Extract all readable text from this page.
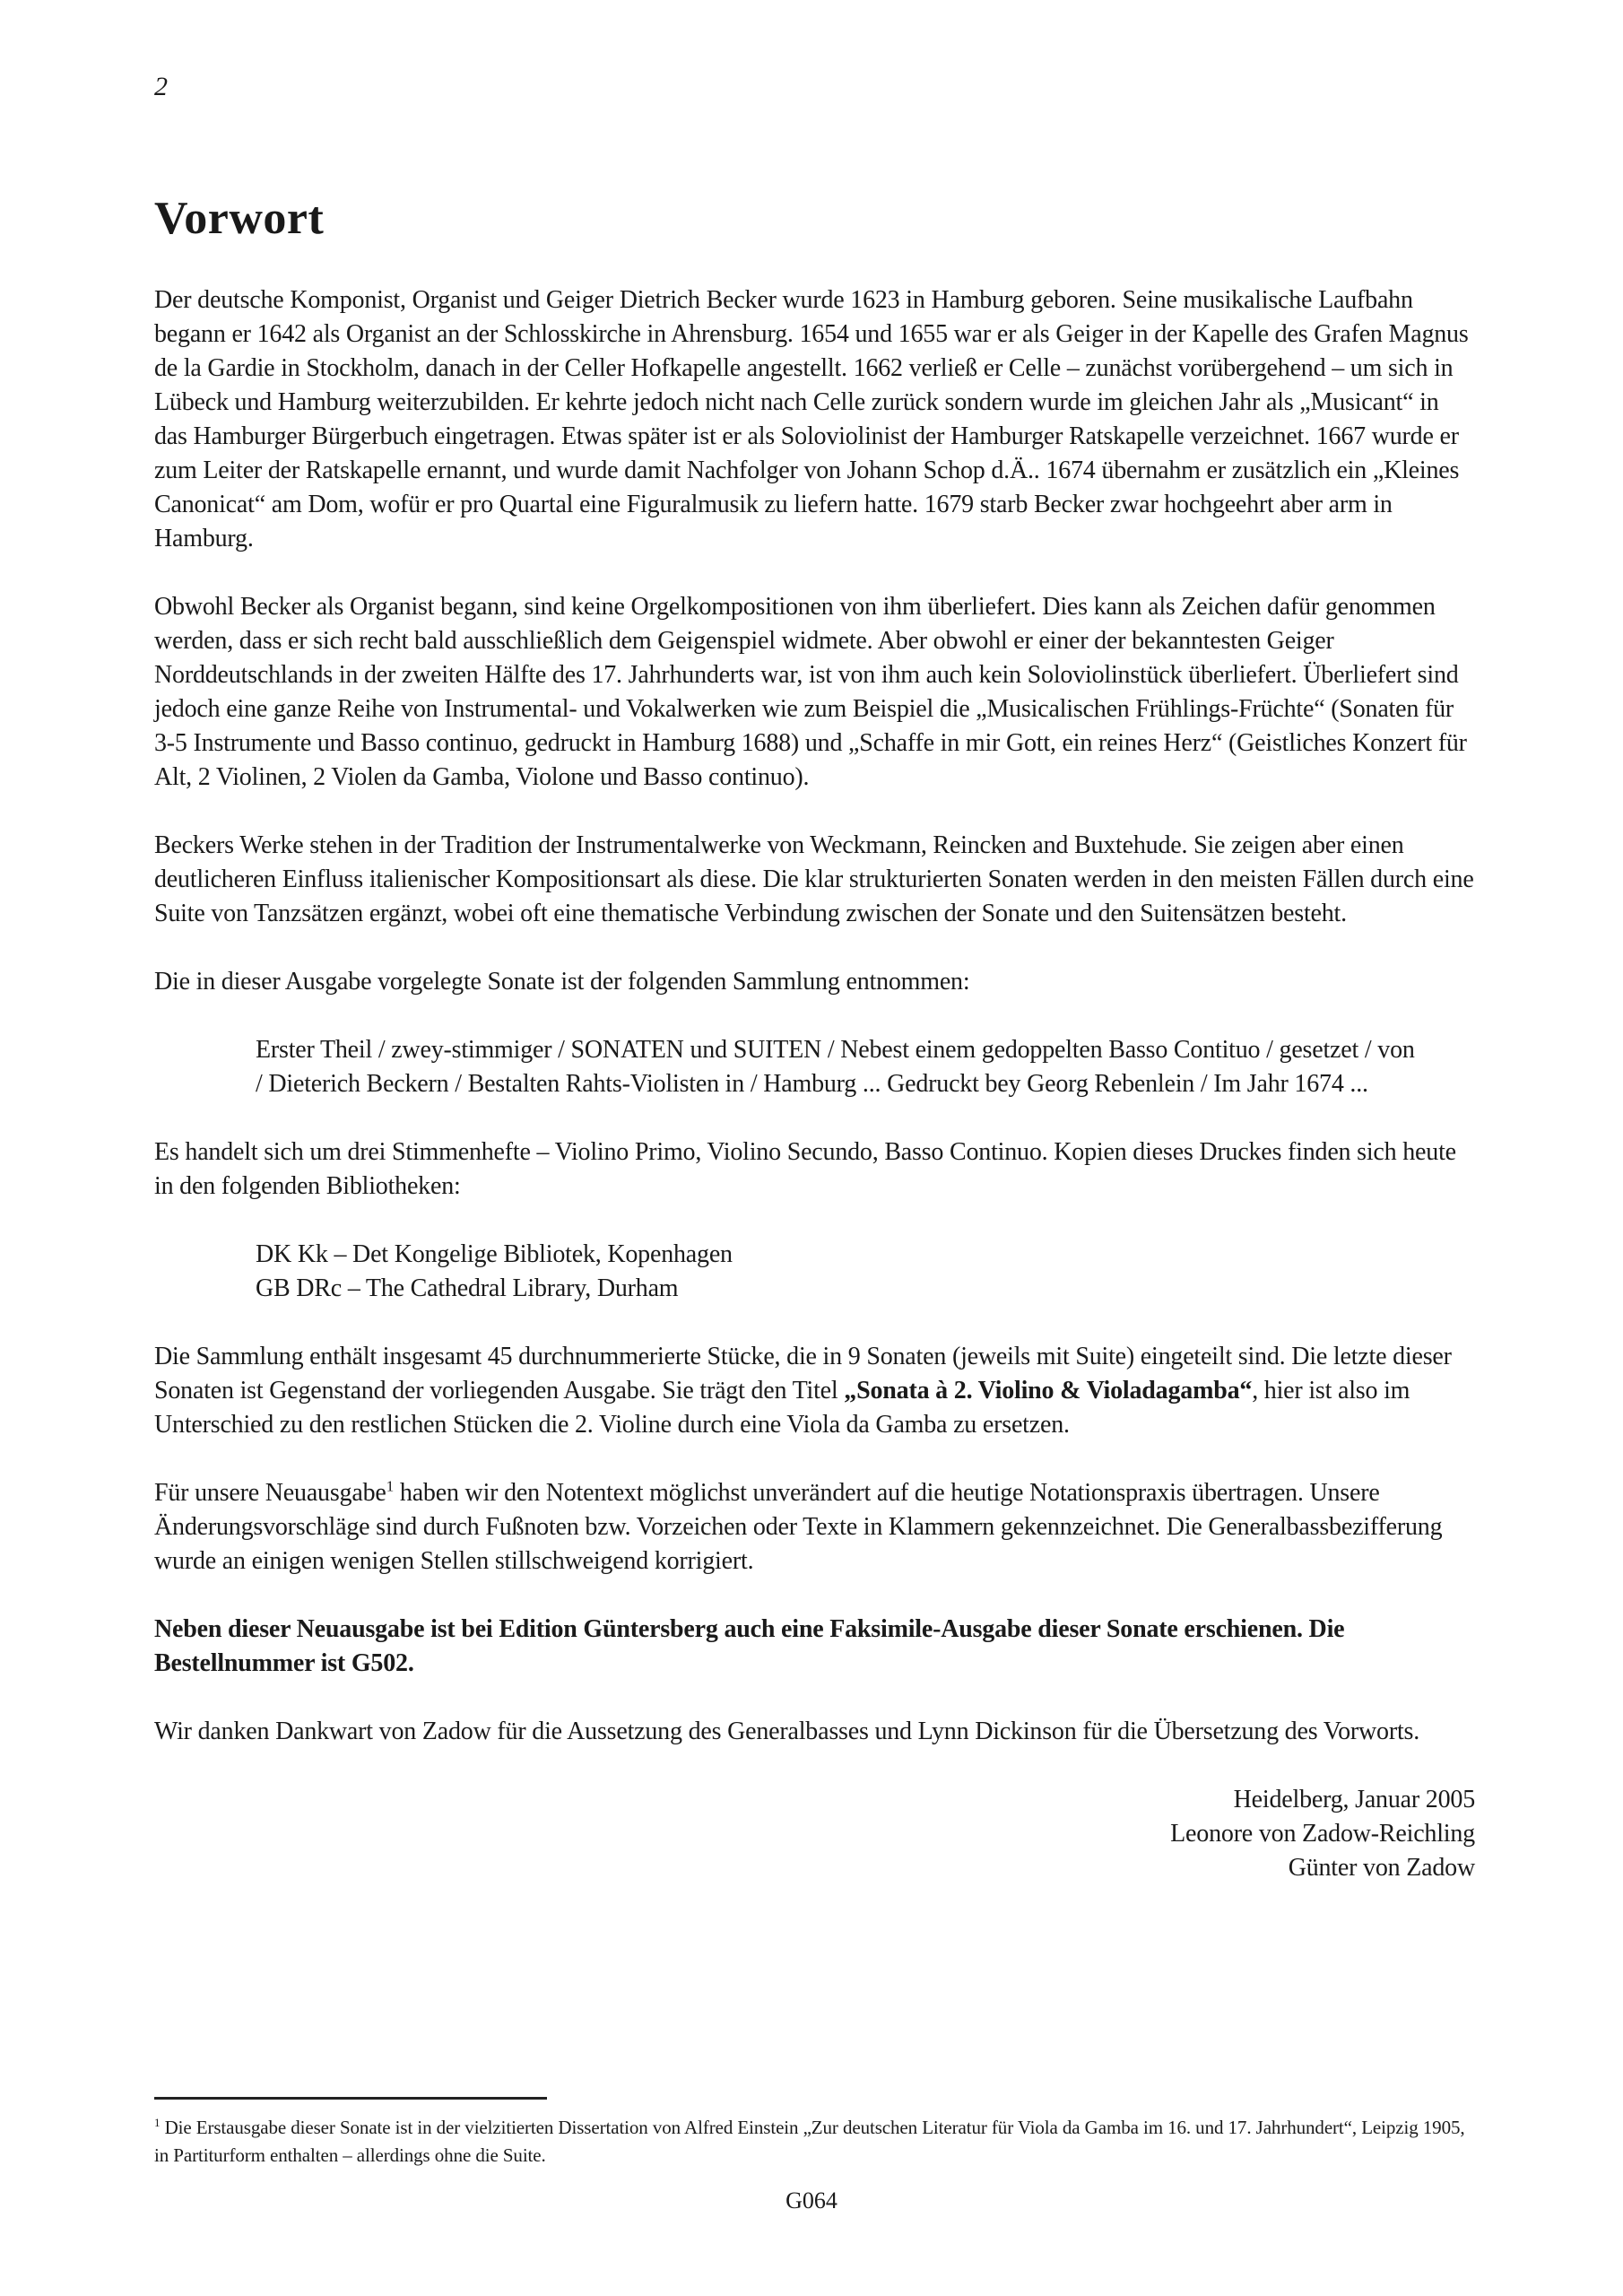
2
Vorwort

Der deutsche Komponist, Organist und Geiger Dietrich Becker wurde 1623 in Hamburg geboren. Seine musikalische Laufbahn begann er 1642 als Organist an der Schlosskirche in Ahrensburg. 1654 und 1655 war er als Geiger in der Kapelle des Grafen Magnus de la Gardie in Stockholm, danach in der Celler Hofkapelle angestellt. 1662 verließ er Celle – zunächst vorübergehend – um sich in Lübeck und Hamburg weiterzubilden. Er kehrte jedoch nicht nach Celle zurück sondern wurde im gleichen Jahr als „Musicant“ in das Hamburger Bürgerbuch eingetragen. Etwas später ist er als Soloviolinist der Hamburger Ratskapelle verzeichnet. 1667 wurde er zum Leiter der Ratskapelle ernannt, und wurde damit Nachfolger von Johann Schop d.Ä.. 1674 übernahm er zusätzlich ein „Kleines Canonicat“ am Dom, wofür er pro Quartal eine Figuralmusik zu liefern hatte. 1679 starb Becker zwar hochgeehrt aber arm in Hamburg.

Obwohl Becker als Organist begann, sind keine Orgelkompositionen von ihm überliefert. Dies kann als Zeichen dafür genommen werden, dass er sich recht bald ausschließlich dem Geigenspiel widmete. Aber obwohl er einer der bekanntesten Geiger Norddeutschlands in der zweiten Hälfte des 17. Jahrhunderts war, ist von ihm auch kein Soloviolinstück überliefert. Überliefert sind jedoch eine ganze Reihe von Instrumental- und Vokalwerken wie zum Beispiel die „Musicalischen Frühlings-Früchte“ (Sonaten für 3-5 Instrumente und Basso continuo, gedruckt in Hamburg 1688) und „Schaffe in mir Gott, ein reines Herz“ (Geistliches Konzert für Alt, 2 Violinen, 2 Violen da Gamba, Violone und Basso continuo).

Beckers Werke stehen in der Tradition der Instrumentalwerke von Weckmann, Reincken and Buxtehude. Sie zeigen aber einen deutlicheren Einfluss italienischer Kompositionsart als diese. Die klar strukturierten Sonaten werden in den meisten Fällen durch eine Suite von Tanzsätzen ergänzt, wobei oft eine thematische Verbindung zwischen der Sonate und den Suitensätzen besteht.

Die in dieser Ausgabe vorgelegte Sonate ist der folgenden Sammlung entnommen:

Erster Theil / zwey-stimmiger / SONATEN und SUITEN / Nebest einem gedoppelten Basso Contituo / gesetzet / von / Dieterich Beckern / Bestalten Rahts-Violisten in / Hamburg ... Gedruckt bey Georg Rebenlein / Im Jahr 1674 ...

Es handelt sich um drei Stimmenhefte – Violino Primo, Violino Secundo, Basso Continuo. Kopien dieses Druckes finden sich heute in den folgenden Bibliotheken:

DK Kk – Det Kongelige Bibliotek, Kopenhagen
GB DRc – The Cathedral Library, Durham

Die Sammlung enthält insgesamt 45 durchnummerierte Stücke, die in 9 Sonaten (jeweils mit Suite) eingeteilt sind. Die letzte dieser Sonaten ist Gegenstand der vorliegenden Ausgabe. Sie trägt den Titel „Sonata à 2. Violino & Violadagamba“, hier ist also im Unterschied zu den restlichen Stücken die 2. Violine durch eine Viola da Gamba zu ersetzen.

Für unsere Neuausgabe$^1$ haben wir den Notentext möglichst unverändert auf die heutige Notationspraxis übertragen. Unsere Änderungsvorschläge sind durch Fußnoten bzw. Vorzeichen oder Texte in Klammern gekennzeichnet. Die Generalbassbezifferung wurde an einigen wenigen Stellen stillschweigend korrigiert.

Neben dieser Neuausgabe ist bei Edition Güntersberg auch eine Faksimile-Ausgabe dieser Sonate erschienen. Die Bestellnummer ist G502.

Wir danken Dankwart von Zadow für die Aussetzung des Generalbasses und Lynn Dickinson für die Übersetzung des Vorworts.

Heidelberg, Januar 2005
Leonore von Zadow-Reichling
Günter von Zadow
$^1$ Die Erstausgabe dieser Sonate ist in der vielzitierten Dissertation von Alfred Einstein „Zur deutschen Literatur für Viola da Gamba im 16. und 17. Jahrhundert“, Leipzig 1905, in Partiturform enthalten – allerdings ohne die Suite.
G064
